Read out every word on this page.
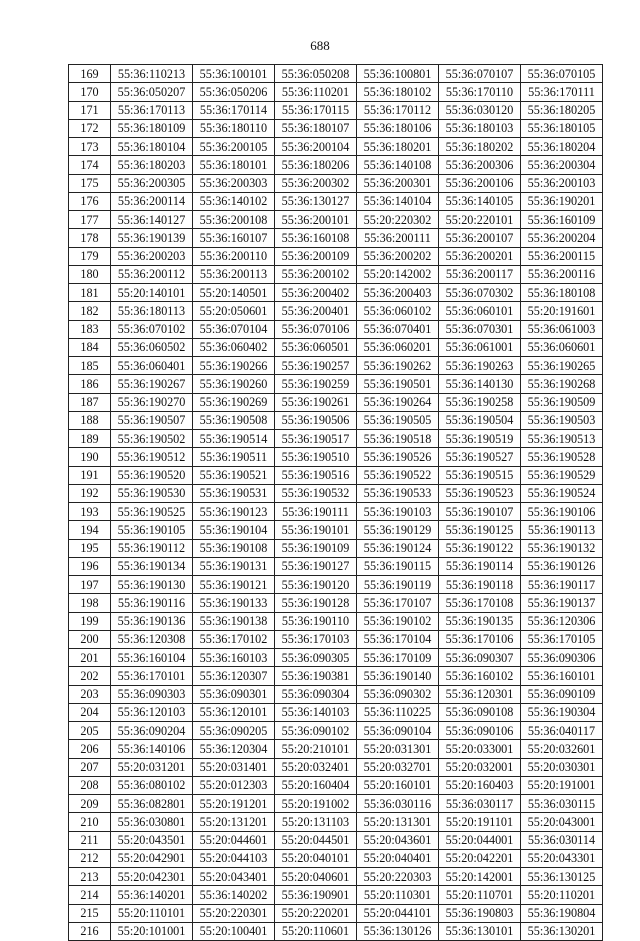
688
169	55:36:110213	55:36:100101	55:36:050208	55:36:100801	55:36:070107	55:36:070105
170	55:36:050207	55:36:050206	55:36:110201	55:36:180102	55:36:170110	55:36:170111
171	55:36:170113	55:36:170114	55:36:170115	55:36:170112	55:36:030120	55:36:180205
172	55:36:180109	55:36:180110	55:36:180107	55:36:180106	55:36:180103	55:36:180105
173	55:36:180104	55:36:200105	55:36:200104	55:36:180201	55:36:180202	55:36:180204
174	55:36:180203	55:36:180101	55:36:180206	55:36:140108	55:36:200306	55:36:200304
175	55:36:200305	55:36:200303	55:36:200302	55:36:200301	55:36:200106	55:36:200103
176	55:36:200114	55:36:140102	55:36:130127	55:36:140104	55:36:140105	55:36:190201
177	55:36:140127	55:36:200108	55:36:200101	55:20:220302	55:20:220101	55:36:160109
178	55:36:190139	55:36:160107	55:36:160108	55:36:200111	55:36:200107	55:36:200204
179	55:36:200203	55:36:200110	55:36:200109	55:36:200202	55:36:200201	55:36:200115
180	55:36:200112	55:36:200113	55:36:200102	55:20:142002	55:36:200117	55:36:200116
181	55:20:140101	55:20:140501	55:36:200402	55:36:200403	55:36:070302	55:36:180108
182	55:36:180113	55:20:050601	55:36:200401	55:36:060102	55:36:060101	55:20:191601
183	55:36:070102	55:36:070104	55:36:070106	55:36:070401	55:36:070301	55:36:061003
184	55:36:060502	55:36:060402	55:36:060501	55:36:060201	55:36:061001	55:36:060601
185	55:36:060401	55:36:190266	55:36:190257	55:36:190262	55:36:190263	55:36:190265
186	55:36:190267	55:36:190260	55:36:190259	55:36:190501	55:36:140130	55:36:190268
187	55:36:190270	55:36:190269	55:36:190261	55:36:190264	55:36:190258	55:36:190509
188	55:36:190507	55:36:190508	55:36:190506	55:36:190505	55:36:190504	55:36:190503
189	55:36:190502	55:36:190514	55:36:190517	55:36:190518	55:36:190519	55:36:190513
190	55:36:190512	55:36:190511	55:36:190510	55:36:190526	55:36:190527	55:36:190528
191	55:36:190520	55:36:190521	55:36:190516	55:36:190522	55:36:190515	55:36:190529
192	55:36:190530	55:36:190531	55:36:190532	55:36:190533	55:36:190523	55:36:190524
193	55:36:190525	55:36:190123	55:36:190111	55:36:190103	55:36:190107	55:36:190106
194	55:36:190105	55:36:190104	55:36:190101	55:36:190129	55:36:190125	55:36:190113
195	55:36:190112	55:36:190108	55:36:190109	55:36:190124	55:36:190122	55:36:190132
196	55:36:190134	55:36:190131	55:36:190127	55:36:190115	55:36:190114	55:36:190126
197	55:36:190130	55:36:190121	55:36:190120	55:36:190119	55:36:190118	55:36:190117
198	55:36:190116	55:36:190133	55:36:190128	55:36:170107	55:36:170108	55:36:190137
199	55:36:190136	55:36:190138	55:36:190110	55:36:190102	55:36:190135	55:36:120306
200	55:36:120308	55:36:170102	55:36:170103	55:36:170104	55:36:170106	55:36:170105
201	55:36:160104	55:36:160103	55:36:090305	55:36:170109	55:36:090307	55:36:090306
202	55:36:170101	55:36:120307	55:36:190381	55:36:190140	55:36:160102	55:36:160101
203	55:36:090303	55:36:090301	55:36:090304	55:36:090302	55:36:120301	55:36:090109
204	55:36:120103	55:36:120101	55:36:140103	55:36:110225	55:36:090108	55:36:190304
205	55:36:090204	55:36:090205	55:36:090102	55:36:090104	55:36:090106	55:36:040117
206	55:36:140106	55:36:120304	55:20:210101	55:20:031301	55:20:033001	55:20:032601
207	55:20:031201	55:20:031401	55:20:032401	55:20:032701	55:20:032001	55:20:030301
208	55:36:080102	55:20:012303	55:20:160404	55:20:160101	55:20:160403	55:20:191001
209	55:36:082801	55:20:191201	55:20:191002	55:36:030116	55:36:030117	55:36:030115
210	55:36:030801	55:20:131201	55:20:131103	55:20:131301	55:20:191101	55:20:043001
211	55:20:043501	55:20:044601	55:20:044501	55:20:043601	55:20:044001	55:36:030114
212	55:20:042901	55:20:044103	55:20:040101	55:20:040401	55:20:042201	55:20:043301
213	55:20:042301	55:20:043401	55:20:040601	55:20:220303	55:20:142001	55:36:130125
214	55:36:140201	55:36:140202	55:36:190901	55:20:110301	55:20:110701	55:20:110201
215	55:20:110101	55:20:220301	55:20:220201	55:20:044101	55:36:190803	55:36:190804
216	55:20:101001	55:20:100401	55:20:110601	55:36:130126	55:36:130101	55:36:130201
